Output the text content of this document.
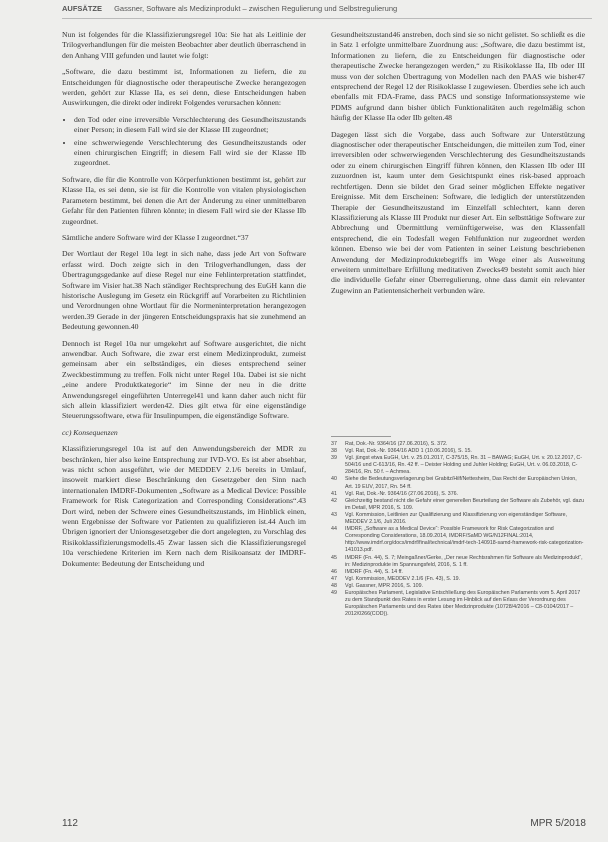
AUFSÄTZE Gassner, Software als Medizinprodukt – zwischen Regulierung und Selbstregulierung

Nun ist folgendes für die Klassifizierungsregel 10a: Sie hat als Leitlinie der Trilogverhandlungen für die meisten Beobachter aber deutlich überraschend in den Anhang VIII gefunden und lautet wie folgt:

„Software, die dazu bestimmt ist, Informationen zu liefern, die zu Entscheidungen für diagnostische oder therapeutische Zwecke herangezogen werden, gehört zur Klasse IIa, es sei denn, diese Entscheidungen haben Auswirkungen, die direkt oder indirekt Folgendes verursachen können:

• den Tod oder eine irreversible Verschlechterung des Gesundheitszustands einer Person; in diesem Fall wird sie der Klasse III zugeordnet;
• eine schwerwiegende Verschlechterung des Gesundheitszustands oder einen chirurgischen Eingriff; in diesem Fall wird sie der Klasse IIb zugeordnet.

Software, die für die Kontrolle von Körperfunktionen bestimmt ist, gehört zur Klasse IIa, es sei denn, sie ist für die Kontrolle von vitalen physiologischen Parametern bestimmt, bei denen die Art der Änderung zu einer unmittelbaren Gefahr für den Patienten führen könnte; in diesem Fall wird sie der Klasse IIb zugeordnet.

Sämtliche andere Software wird der Klasse I zugeordnet.“37

Der Wortlaut der Regel 10a legt in sich nahe, dass jede Art von Software erfasst wird. Doch zeigte sich in den Trilogverhandlungen, dass der Übertragungsgedanke auf diese Regel nur eine Fehlinterpretation stattfindet, Software im Visier hat.38 Nach ständiger Rechtsprechung des EuGH kann die historische Auslegung im Gesetz ein Rückgriff auf Vorarbeiten zu Richtlinien und Verordnungen ohne Wortlaut für die Normeninterpretation herangezogen werden.39 Gerade in der jüngeren Entscheidungspraxis hat sie zunehmend an Bedeutung gewonnen.40

Dennoch ist Regel 10a nur umgekehrt auf Software ausgerichtet, die nicht anwendbar. Auch Software, die zwar erst einem Medizinprodukt, zumeist gemeinsam aber ein selbständiges, ein dieses entsprechend seiner Zweckbestimmung zu treffen. Folk nicht unter Regel 10a. Dabei ist sie nicht „eine andere Produktkategorie“ im Sinne der neu in die dritte Anwendungsregel eingeführten Unterregel41 und kann daher auch nicht für sich allein klassifiziert werden42. Dies gilt etwa für eine eigenständige Steuerungssoftware, etwa für Insulinpumpen, die eigenständige Software.

cc) Konsequenzen

Klassifizierungsregel 10a ist auf den Anwendungsbereich der MDR zu beschränken, hier also keine Entsprechung zur IVD-VO. Es ist aber absehbar, was nicht schon ausgeführt, wie der MEDDEV 2.1/6 bereits in Umlauf, insoweit markiert diese Beschränkung den Gesetzgeber den Sinn nach internationalen IMDRF-Dokumenten „Software as a Medical Device: Possible Framework for Risk Categorization and Corresponding Considerations“.43 Dort wird, neben der Schwere eines Gesundheitszustands, im Hinblick einen, wenn Ergebnisse der Software vor Patienten zu qualifizieren ist.44 Auch im Übrigen ignoriert der Unionsgesetzgeber die dort angelegten, zu Vorschlag des Risikoklassifizierungsmodells.45 Zwar lassen sich die Klassifizierungsregel 10a verschiedene Kriterien im Kern nach dem Risikoansatz der IMDRF-Dokumente: Bedeutung der Entscheidung und

Gesundheitszustand46 anstreben, doch sind sie so nicht gelistet. So schließt es die in Satz 1 erfolgte unmittelbare Zuordnung aus: „Software, die dazu bestimmt ist, Informationen zu liefern, die zu Entscheidungen für diagnostische oder therapeutische Zwecke herangezogen werden,“ zu Risikoklasse IIa, IIb oder III muss von der solchen Übertragung von Modellen nach den PAAS wie bisher47 entsprechend der Regel 12 der Risikoklasse I zugewiesen. Überdies sehe ich auch ebenfalls mit FDA-Frame, dass PACS und sonstige Informationssysteme wie PDMS aufgrund dann bisher üblich Funktionalitäten auch regelmäßig schon häufig der Klasse IIa oder IIb gelten.48

Dagegen lässt sich die Vorgabe, dass auch Software zur Unterstützung diagnostischer oder therapeutischer Entscheidungen, die mitteilen zum Tod, einer irreversiblen oder schwerwiegenden Verschlechterung des Gesundheitszustands oder zu einem chirurgischen Eingriff führen können, den Klassen IIb oder III zuzuordnen ist, kaum unter dem Gesichtspunkt eines risk-based approach rechtfertigen. Denn sie bildet den Grad seiner möglichen Effekte negativer Ereignisse. Mit dem Erscheinen: Software, die lediglich der unterstützenden Therapie der Gesundheitszustand im Einzelfall schlechtert, kann deren Klassifizierung als Klasse III Produkt nur dieser Art. Ein selbsttätige Software zur Abbrechung und Übermittlung vernünftigerweise, was den Klassenfall entsprechend, die ein Todesfall wegen Fehlfunktion nur zugeordnet werden können. Ebenso wie bei der vom Patienten in seiner Leistung beschriebenen Anwendung der Medizinproduktebegriffs im Wege einer als Ausweitung erweitern unmittelbare Erfüllung meditativen Zwecks49 besteht somit auch hier die individuelle Gefahr einer Überregulierung, ohne dass damit ein relevanter Zugewinn an Patientensicherheit verbunden wäre.

37	Rat, Dok.-Nr. 9364/16 (27.06.2016), S. 372.
38	Vgl. Rat, Dok.-Nr. 9364/16 ADD 1 (10.06.2016), S. 15.
39	Vgl. jüngst etwa EuGH, Urt. v. 25.01.2017, C-375/15, Rn. 31 – BAWAG; EuGH, Urt. v. 20.12.2017, C-504/16 und C-613/16, Rn. 42 ff. – Deister Holding und Juhler Holding; EuGH, Urt. v. 06.03.2018, C-284/16, Rn. 50 f. – Achmea.
40	Siehe die Bedeutungsverlagerung bei Grabitz/Hilf/Nettesheim, Das Recht der Europäischen Union, Art. 19 EUV, 2017, Rn. 54 ff.
41	Vgl. Rat, Dok.-Nr. 9364/16 (27.06.2016), S. 376.
42	Gleichzeitig bestand nicht die Gefahr einer generellen Beurteilung der Software als Zubehör, vgl. dazu im Detail, MPR 2016, S. 109.
43	Vgl. Kommission, Leitlinien zur Qualifizierung und Klassifizierung von eigenständiger Software, MEDDEV 2.1/6, Juli 2016.
44	IMDRF, „Software as a Medical Device“: Possible Framework for Risk Categorization and Corresponding Considerations, 18.09.2014, IMDRF/SaMD WG/N12FINAL:2014, http://www.imdrf.org/docs/imdrf/final/technical/imdrf-tech-140918-samd-framework-risk-categorization-141013.pdf.
45	IMDRF (Fn. 44), S. 7; Meingaßner/Gerke, „Der neue Rechtsrahmen für Software als Medizinprodukt“, in: Medizinprodukte im Spannungsfeld, 2016, S. 1 ff.
46	IMDRF (Fn. 44), S. 14 ff.
47	Vgl. Kommission, MEDDEV 2.1/6 (Fn. 43), S. 19.
48	Vgl. Gassner, MPR 2016, S. 109.
49	Europäisches Parlament, Legislative Entschließung des Europäischen Parlaments vom 5. April 2017 zu dem Standpunkt des Rates in erster Lesung im Hinblick auf den Erlass der Verordnung des Europäischen Parlaments und des Rates über Medizinprodukte (10728/4/2016 – C8-0104/2017 – 2012/0266(COD)).
112	MPR 5/2018
